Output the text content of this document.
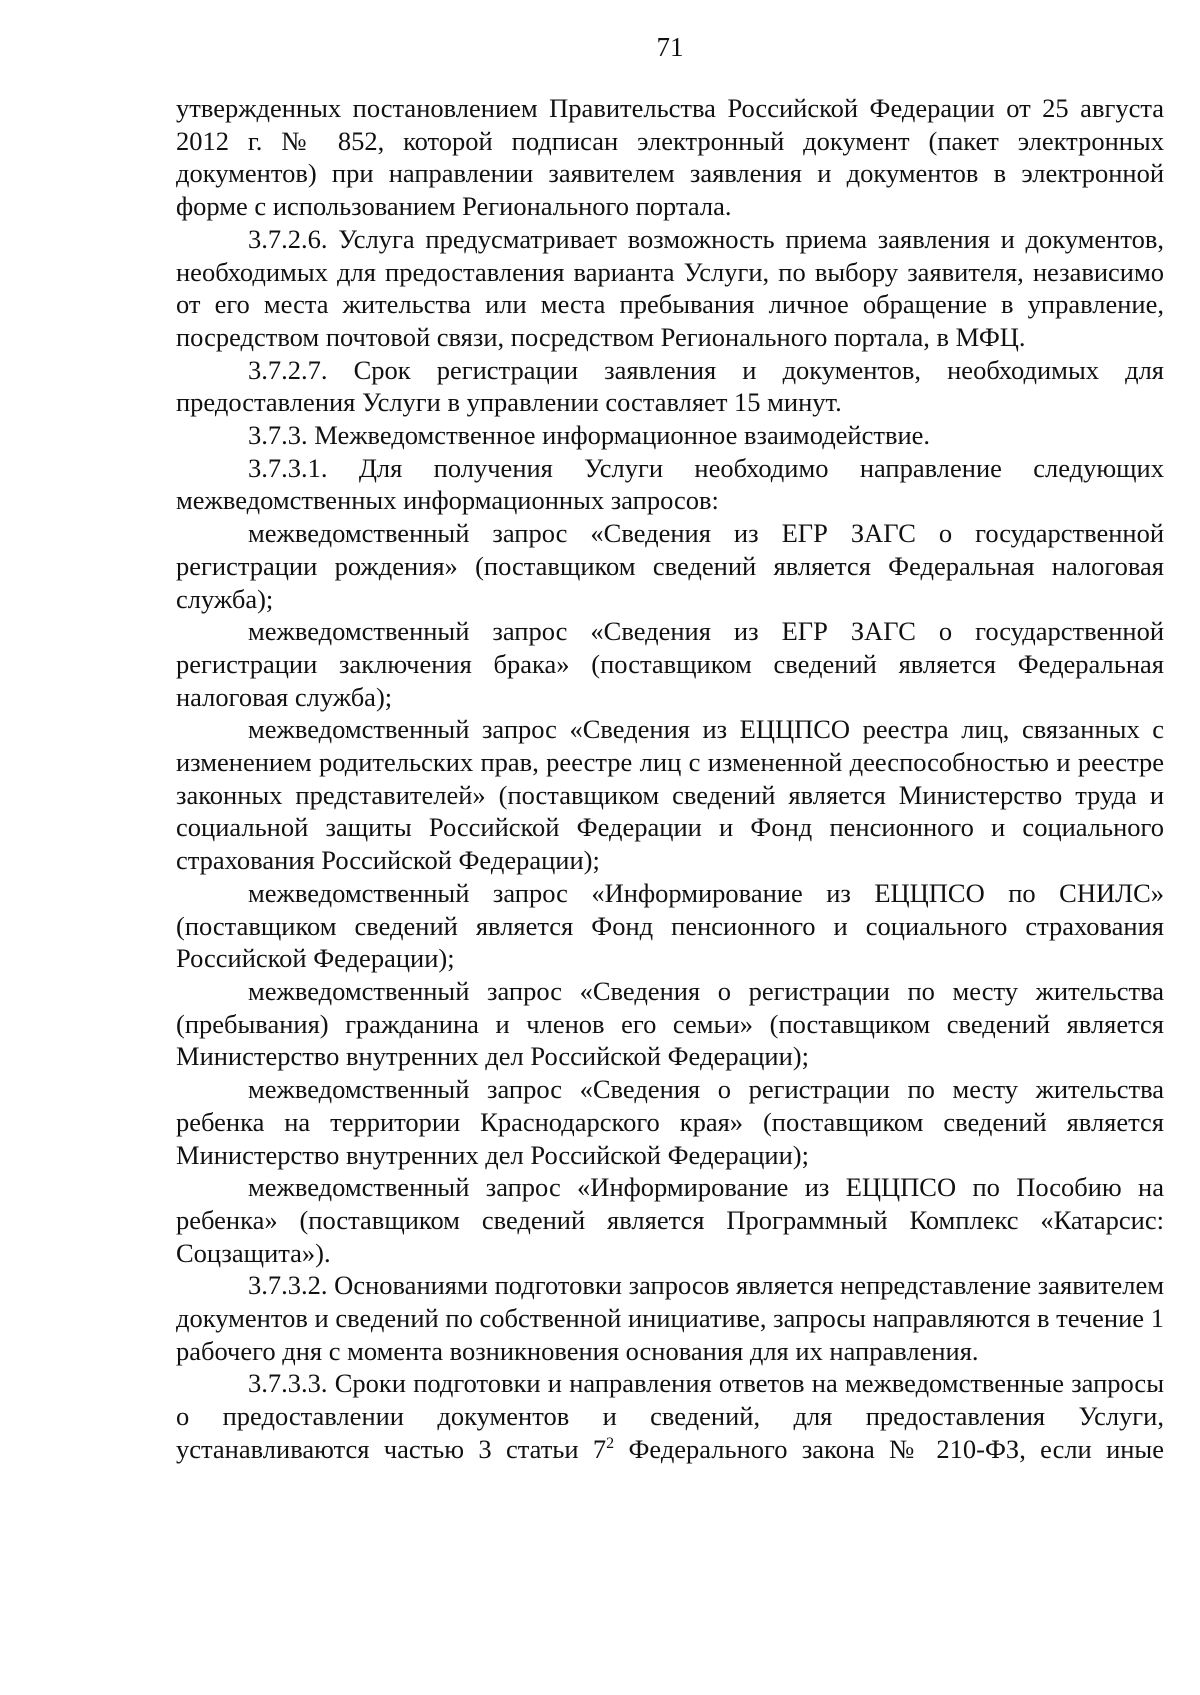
71

утвержденных постановлением Правительства Российской Федерации от 25 августа 2012 г. № 852, которой подписан электронный документ (пакет электронных документов) при направлении заявителем заявления и документов в электронной форме с использованием Регионального портала.

3.7.2.6. Услуга предусматривает возможность приема заявления и документов, необходимых для предоставления варианта Услуги, по выбору заявителя, независимо от его места жительства или места пребывания личное обращение в управление, посредством почтовой связи, посредством Регионального портала, в МФЦ.

3.7.2.7. Срок регистрации заявления и документов, необходимых для предоставления Услуги в управлении составляет 15 минут.

3.7.3. Межведомственное информационное взаимодействие.

3.7.3.1. Для получения Услуги необходимо направление следующих межведомственных информационных запросов:

межведомственный запрос «Сведения из ЕГР ЗАГС о государственной регистрации рождения» (поставщиком сведений является Федеральная налоговая служба);

межведомственный запрос «Сведения из ЕГР ЗАГС о государственной регистрации заключения брака» (поставщиком сведений является Федеральная налоговая служба);

межведомственный запрос «Сведения из ЕЦЦПСО реестра лиц, связанных с изменением родительских прав, реестре лиц с измененной дееспособностью и реестре законных представителей» (поставщиком сведений является Министерство труда и социальной защиты Российской Федерации и Фонд пенсионного и социального страхования Российской Федерации);

межведомственный запрос «Информирование из ЕЦЦПСО по СНИЛС» (поставщиком сведений является Фонд пенсионного и социального страхования Российской Федерации);

межведомственный запрос «Сведения о регистрации по месту жительства (пребывания) гражданина и членов его семьи» (поставщиком сведений является Министерство внутренних дел Российской Федерации);

межведомственный запрос «Сведения о регистрации по месту жительства ребенка на территории Краснодарского края» (поставщиком сведений является Министерство внутренних дел Российской Федерации);

межведомственный запрос «Информирование из ЕЦЦПСО по Пособию на ребенка» (поставщиком сведений является Программный Комплекс «Катарсис: Соцзащита»).

3.7.3.2. Основаниями подготовки запросов является непредставление заявителем документов и сведений по собственной инициативе, запросы направляются в течение 1 рабочего дня с момента возникновения основания для их направления.

3.7.3.3. Сроки подготовки и направления ответов на межведомственные запросы о предоставлении документов и сведений, для предоставления Услуги, устанавливаются частью 3 статьи $7^2$ Федерального закона № 210-ФЗ, если иные
